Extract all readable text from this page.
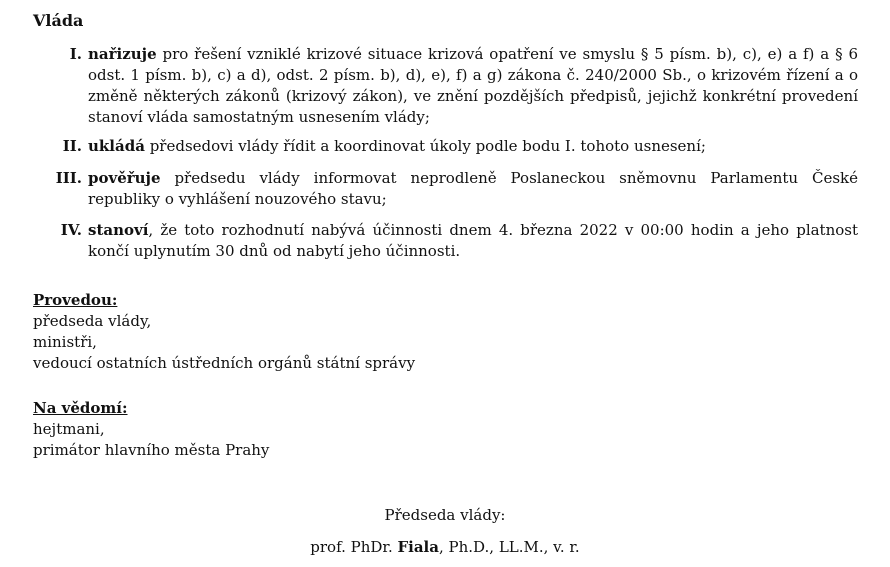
Vláda
I. nařizuje pro řešení vzniklé krizové situace krizová opatření ve smyslu § 5 písm. b), c), e) a f) a § 6 odst. 1 písm. b), c) a d), odst. 2 písm. b), d), e), f) a g) zákona č. 240/2000 Sb., o krizovém řízení a o změně některých zákonů (krizový zákon), ve znění pozdějších předpisů, jejichž konkrétní provedení stanoví vláda samostatným usnesením vlády;
II. ukládá předsedovi vlády řídit a koordinovat úkoly podle bodu I. tohoto usnesení;
III. pověřuje předsedu vlády informovat neprodleně Poslaneckou sněmovnu Parlamentu České republiky o vyhlášení nouzového stavu;
IV. stanoví, že toto rozhodnutí nabývá účinnosti dnem 4. března 2022 v 00:00 hodin a jeho platnost končí uplynutím 30 dnů od nabytí jeho účinnosti.
Provedou:
předseda vlády,
ministři,
vedoucí ostatních ústředních orgánů státní správy
Na vědomí:
hejtmani,
primátor hlavního města Prahy
Předseda vlády:
prof. PhDr. Fiala, Ph.D., LL.M., v. r.
